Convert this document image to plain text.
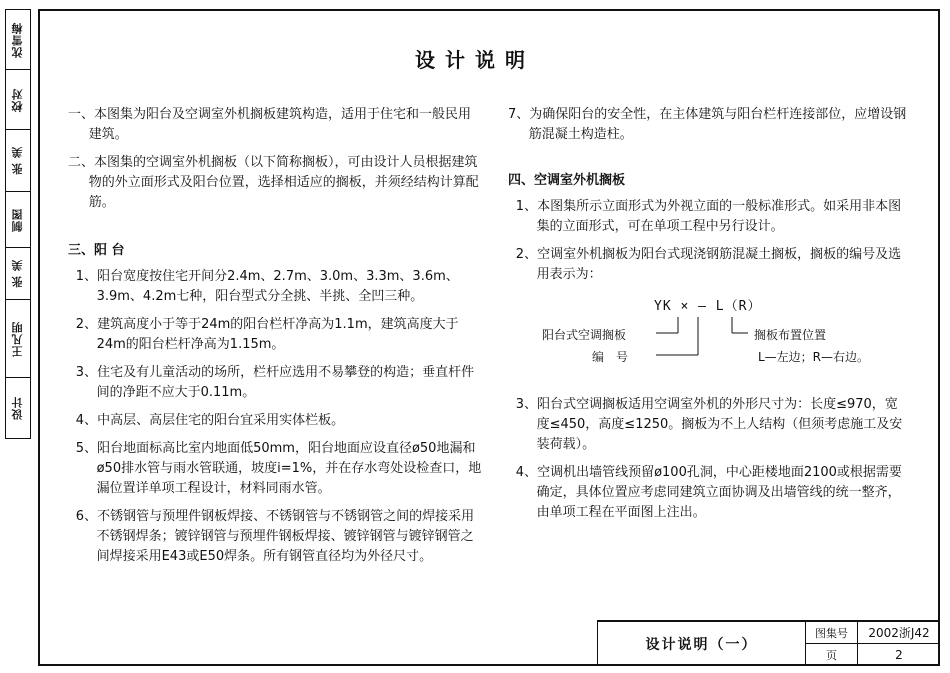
沈雪梅
校对
张 美
制图
张 美
王凡明
设计
设计说明
一、本图集为阳台及空调室外机搁板建筑构造，适用于住宅和一般民用建筑。
二、本图集的空调室外机搁板（以下简称搁板），可由设计人员根据建筑物的外立面形式及阳台位置，选择相适应的搁板，并须经结构计算配筋。
三、阳 台
1、阳台宽度按住宅开间分2.4m、2.7m、3.0m、3.3m、3.6m、3.9m、4.2m七种，阳台型式分全挑、半挑、全凹三种。
2、建筑高度小于等于24m的阳台栏杆净高为1.1m，建筑高度大于24m的阳台栏杆净高为1.15m。
3、住宅及有儿童活动的场所，栏杆应选用不易攀登的构造；垂直杆件间的净距不应大于0.11m。
4、中高层、高层住宅的阳台宜采用实体栏板。
5、阳台地面标高比室内地面低50mm，阳台地面应设直径ø50地漏和ø50排水管与雨水管联通，坡度i=1%，并在存水弯处设检查口，地漏位置详单项工程设计，材料同雨水管。
6、不锈钢管与预埋件钢板焊接、不锈钢管与不锈钢管之间的焊接采用不锈钢焊条；镀锌钢管与预埋件钢板焊接、镀锌钢管与镀锌钢管之间焊接采用E43或E50焊条。所有钢管直径均为外径尺寸。
7、为确保阳台的安全性，在主体建筑与阳台栏杆连接部位，应增设钢筋混凝土构造柱。
四、空调室外机搁板
1、本图集所示立面形式为外视立面的一般标准形式。如采用非本图集的立面形式，可在单项工程中另行设计。
2、空调室外机搁板为阳台式现浇钢筋混凝土搁板，搁板的编号及选用表示为：
YK × — L（R）
阳台式空调搁板
编　号
搁板布置位置
L—左边；R—右边。
3、阳台式空调搁板适用空调室外机的外形尺寸为：长度≤970，宽度≤450，高度≤1250。搁板为不上人结构（但须考虑施工及安装荷载）。
4、空调机出墙管线预留ø100孔洞，中心距楼地面2100或根据需要确定，具体位置应考虑同建筑立面协调及出墙管线的统一整齐，由单项工程在平面图上注出。
设计说明（一）
图集号	2002浙J42
页	2
